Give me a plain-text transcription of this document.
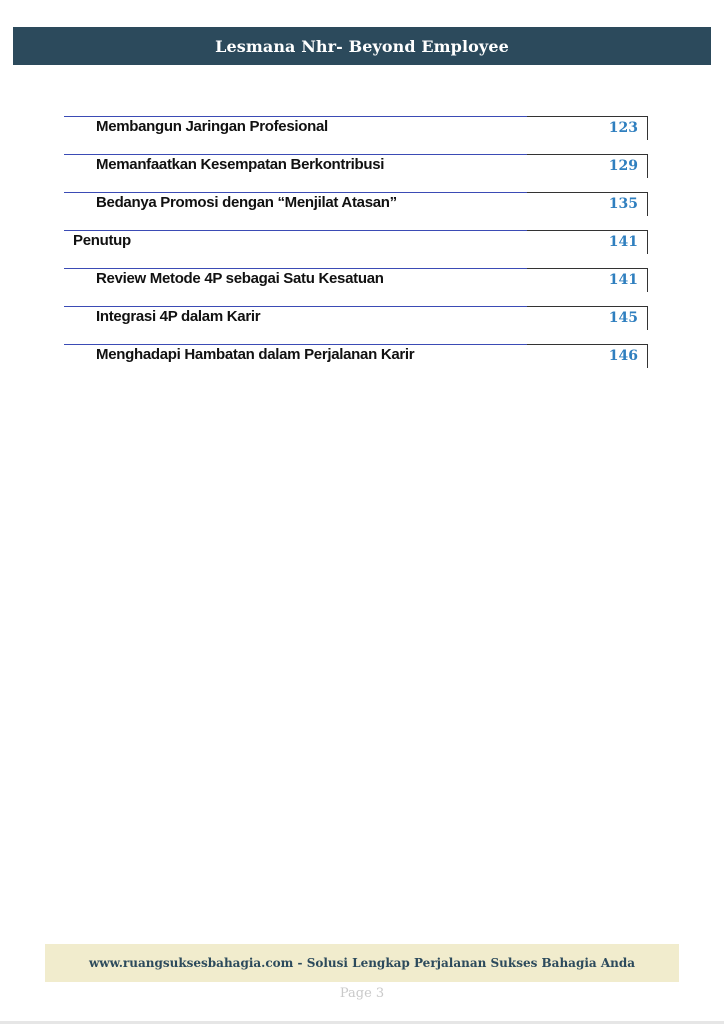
Lesmana Nhr- Beyond Employee
Membangun Jaringan Profesional	123
Memanfaatkan Kesempatan Berkontribusi	129
Bedanya Promosi dengan “Menjilat Atasan”	135
Penutup	141
Review Metode 4P sebagai Satu Kesatuan	141
Integrasi 4P dalam Karir	145
Menghadapi Hambatan dalam Perjalanan Karir	146
www.ruangsuksesbahagia.com - Solusi Lengkap Perjalanan Sukses Bahagia Anda
Page 3
